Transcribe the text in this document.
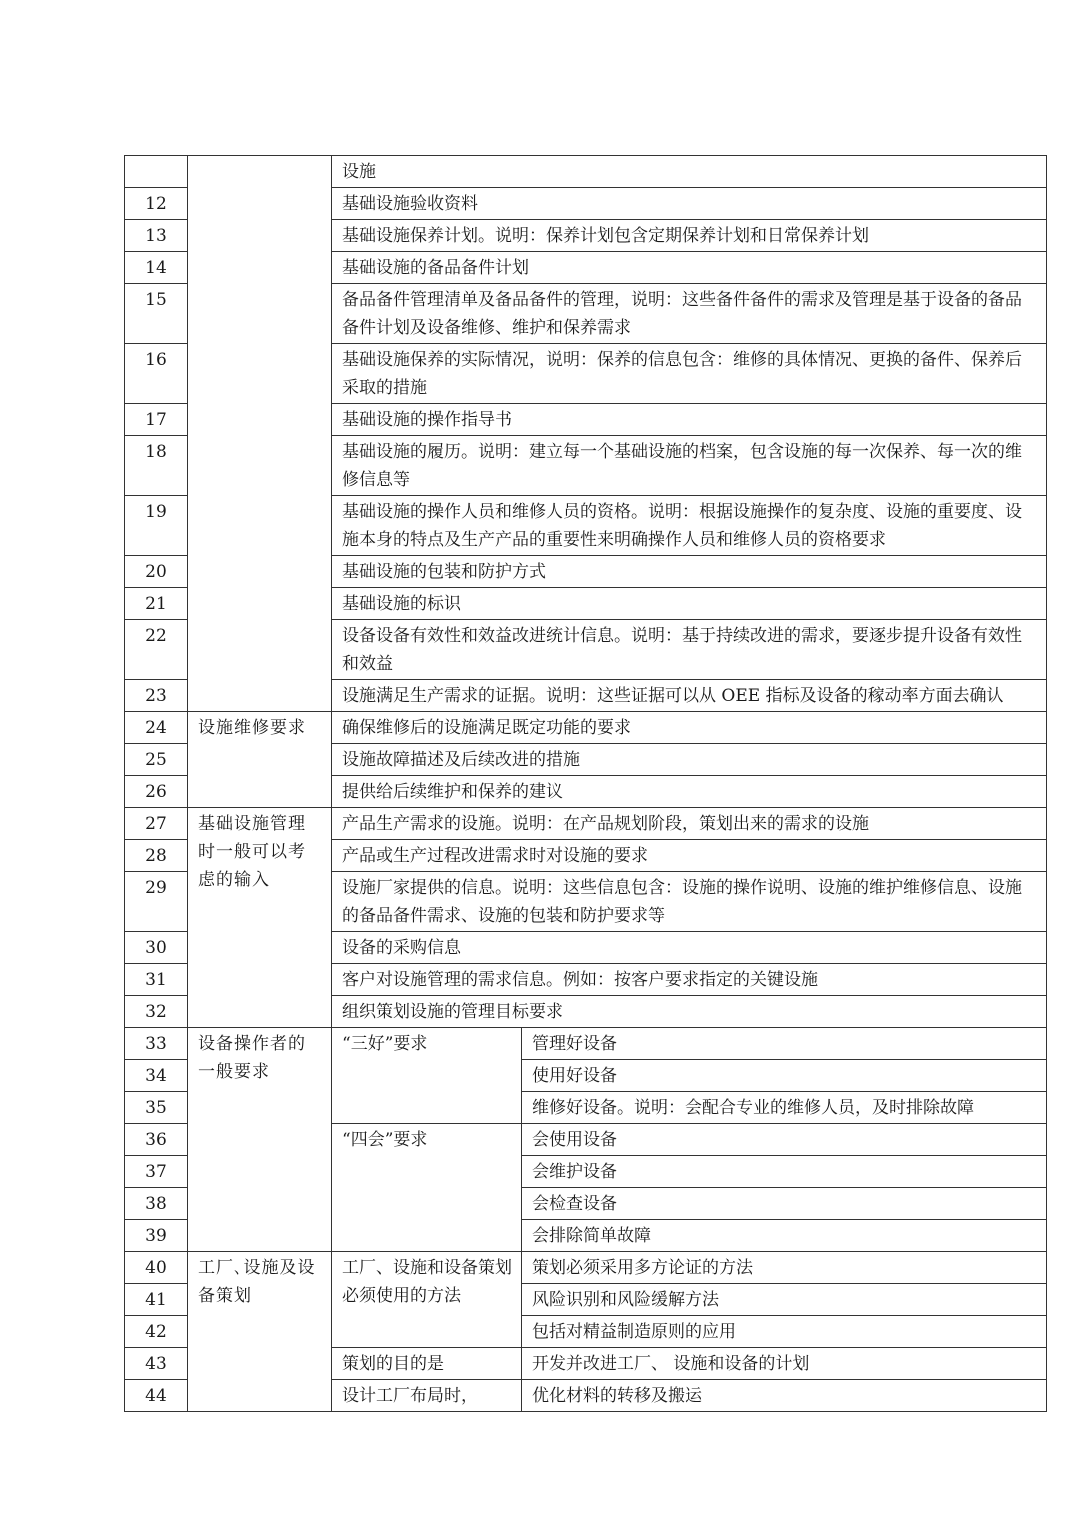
		设施	
12		基础设施验收资料	
13		基础设施保养计划。说明：保养计划包含定期保养计划和日常保养计划	
14		基础设施的备品备件计划	
15		备品备件管理清单及备品备件的管理，说明：这些备件备件的需求及管理是基于设备的备品备件计划及设备维修、维护和保养需求	
16		基础设施保养的实际情况，说明：保养的信息包含：维修的具体情况、更换的备件、保养后采取的措施	
17		基础设施的操作指导书	
18		基础设施的履历。说明：建立每一个基础设施的档案，包含设施的每一次保养、每一次的维修信息等	
19		基础设施的操作人员和维修人员的资格。说明：根据设施操作的复杂度、设施的重要度、设施本身的特点及生产产品的重要性来明确操作人员和维修人员的资格要求	
20		基础设施的包装和防护方式	
21		基础设施的标识	
22		设备设备有效性和效益改进统计信息。说明：基于持续改进的需求，要逐步提升设备有效性和效益	
23		设施满足生产需求的证据。说明：这些证据可以从 OEE 指标及设备的稼动率方面去确认	
24	设施维修要求	确保维修后的设施满足既定功能的要求	
25		设施故障描述及后续改进的措施	
26		提供给后续维护和保养的建议	
27	基础设施管理时一般可以考虑的输入	产品生产需求的设施。说明：在产品规划阶段，策划出来的需求的设施	
28		产品或生产过程改进需求时对设施的要求	
29		设施厂家提供的信息。说明：这些信息包含：设施的操作说明、设施的维护维修信息、设施的备品备件需求、设施的包装和防护要求等	
30		设备的采购信息	
31		客户对设施管理的需求信息。例如：按客户要求指定的关键设施	
32		组织策划设施的管理目标要求	
33	设备操作者的一般要求	“三好”要求	管理好设备
34			使用好设备
35			维修好设备。说明：会配合专业的维修人员，及时排除故障
36		“四会”要求	会使用设备
37			会维护设备
38			会检查设备
39			会排除简单故障
40	工厂､设施及设备策划	工厂、设施和设备策划必须使用的方法	策划必须采用多方论证的方法
41			风险识别和风险缓解方法
42			包括对精益制造原则的应用
43		策划的目的是	开发并改进工厂、 设施和设备的计划
44		设计工厂布局时，	优化材料的转移及搬运
